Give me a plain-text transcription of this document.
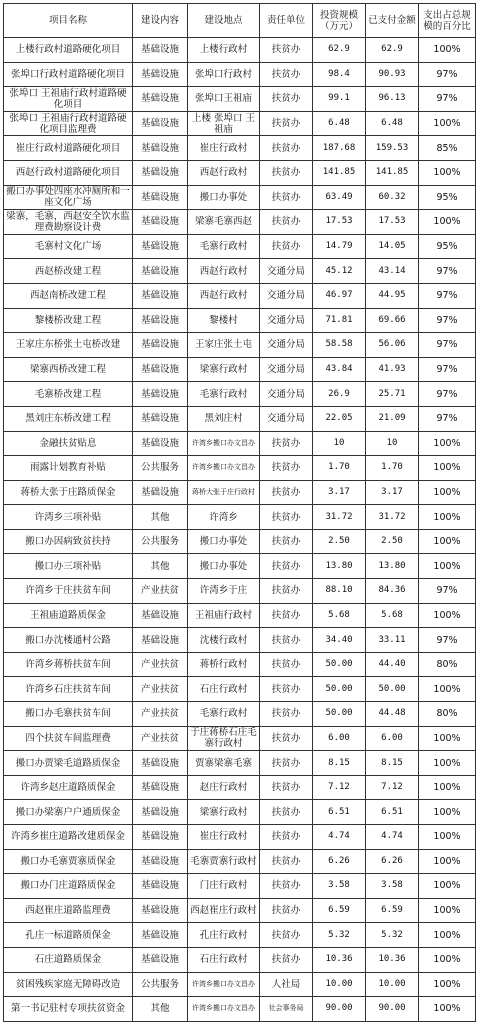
项目名称	建设内容	建设地点	责任单位	投资规模（万元）	已支付金额	支出占总规模的百分比
上楼行政村道路硬化项目	基础设施	上楼行政村	扶贫办	62.9	62.9	100%
张埠口行政村道路硬化项目	基础设施	张埠口行政村	扶贫办	98.4	90.93	97%
张埠口 王祖庙行政村道路硬化项目	基础设施	张埠口王祖庙	扶贫办	99.1	96.13	97%
张埠口 王祖庙行政村道路硬化项目监理费	基础设施	上楼 张埠口 王祖庙	扶贫办	6.48	6.48	100%
崔庄行政村道路硬化项目	基础设施	崔庄行政村	扶贫办	187.68	159.53	85%
西赵行政村道路硬化项目	基础设施	西赵行政村	扶贫办	141.85	141.85	100%
搬口办事处四座水冲厕所和一座文化广场	基础设施	搬口办事处	扶贫办	63.49	60.32	95%
梁寨，毛寨，西赵安全饮水监理费勘察设计费	基础设施	梁寨毛寨西赵	扶贫办	17.53	17.53	100%
毛寨村文化广场	基础设施	毛寨行政村	扶贫办	14.79	14.05	95%
西赵桥改建工程	基础设施	西赵行政村	交通分局	45.12	43.14	97%
西赵南桥改建工程	基础设施	西赵行政村	交通分局	46.97	44.95	97%
黎楼桥改建工程	基础设施	黎楼村	交通分局	71.81	69.66	97%
王家庄东桥张土屯桥改建	基础设施	王家庄张土屯	交通分局	58.58	56.06	97%
梁寨西桥改建工程	基础设施	梁寨行政村	交通分局	43.84	41.93	97%
毛寨桥改建工程	基础设施	毛寨行政村	交通分局	26.9	25.71	97%
黑刘庄东桥改建工程	基础设施	黑刘庄村	交通分局	22.05	21.09	97%
金融扶贫贴息	基础设施	许湾乡搬口办文昌办	扶贫办	10	10	100%
雨露计划教育补贴	公共服务	许湾乡搬口办文昌办	扶贫办	1.70	1.70	100%
蒋桥大张于庄路质保金	基础设施	蒋桥大张于庄行政村	扶贫办	3.17	3.17	100%
许湾乡三项补贴	其他	许湾乡	扶贫办	31.72	31.72	100%
搬口办因病致贫扶持	公共服务	搬口办事处	扶贫办	2.50	2.50	100%
搬口办三项补贴	其他	搬口办事处	扶贫办	13.80	13.80	100%
许湾乡于庄扶贫车间	产业扶贫	许湾乡于庄	扶贫办	88.10	84.36	97%
王祖庙道路质保金	基础设施	王祖庙行政村	扶贫办	5.68	5.68	100%
搬口办沈楼通村公路	基础设施	沈楼行政村	扶贫办	34.40	33.11	97%
许湾乡蒋桥扶贫车间	产业扶贫	蒋桥行政村	扶贫办	50.00	44.40	80%
许湾乡石庄扶贫车间	产业扶贫	石庄行政村	扶贫办	50.00	50.00	100%
搬口办毛寨扶贫车间	产业扶贫	毛寨行政村	扶贫办	50.00	44.48	80%
四个扶贫车间监理费	产业扶贫	于庄蒋桥石庄毛寨行政村	扶贫办	6.00	6.00	100%
搬口办贾梁毛道路质保金	基础设施	贾寨梁寨毛寨	扶贫办	8.15	8.15	100%
许湾乡赵庄道路质保金	基础设施	赵庄行政村	扶贫办	7.12	7.12	100%
搬口办梁寨户户通质保金	基础设施	梁寨行政村	扶贫办	6.51	6.51	100%
许湾乡崔庄道路改建质保金	基础设施	崔庄行政村	扶贫办	4.74	4.74	100%
搬口办毛寨贾寨质保金	基础设施	毛寨贾寨行政村	扶贫办	6.26	6.26	100%
搬口办门庄道路质保金	基础设施	门庄行政村	扶贫办	3.58	3.58	100%
西赵崔庄道路监理费	基础设施	西赵崔庄行政村	扶贫办	6.59	6.59	100%
孔庄一标道路质保金	基础设施	孔庄行政村	扶贫办	5.32	5.32	100%
石庄道路质保金	基础设施	石庄行政村	扶贫办	10.36	10.36	100%
贫困残疾家庭无障碍改造	公共服务	许湾乡搬口办文昌办	人社局	10.00	10.00	100%
第一书记驻村专项扶贫资金	其他	许湾乡搬口办文昌办	社会事务局	90.00	90.00	100%
